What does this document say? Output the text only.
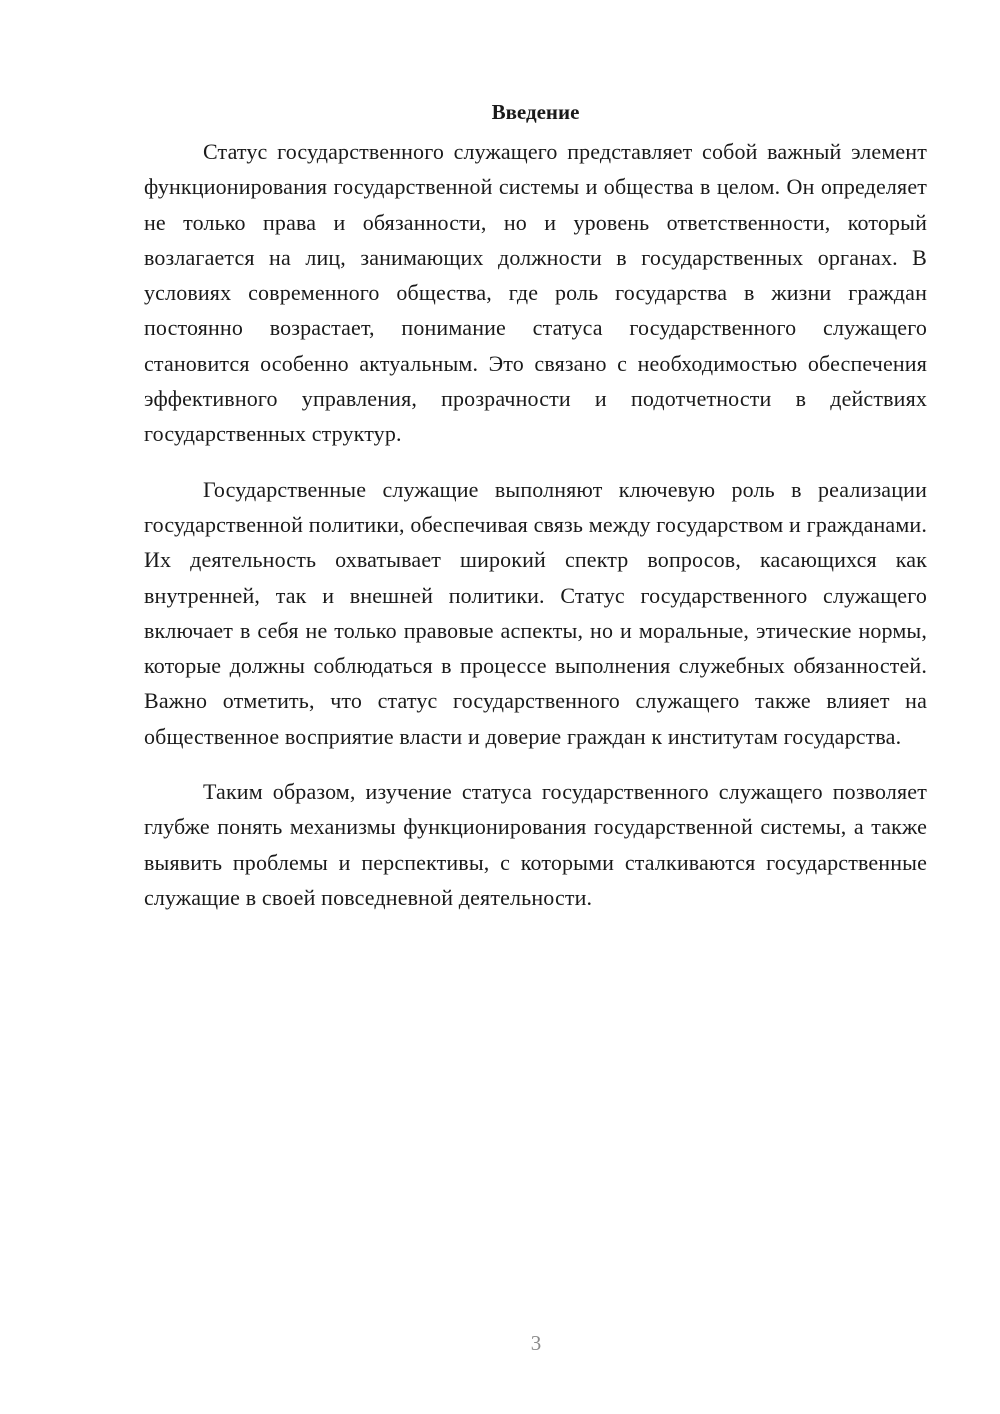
Введение

Статус государственного служащего представляет собой важный элемент функционирования государственной системы и общества в целом. Он определяет не только права и обязанности, но и уровень ответственности, который возлагается на лиц, занимающих должности в государственных органах. В условиях современного общества, где роль государства в жизни граждан постоянно возрастает, понимание статуса государственного служащего становится особенно актуальным. Это связано с необходимостью обеспечения эффективного управления, прозрачности и подотчетности в действиях государственных структур.

Государственные служащие выполняют ключевую роль в реализации государственной политики, обеспечивая связь между государством и гражданами. Их деятельность охватывает широкий спектр вопросов, касающихся как внутренней, так и внешней политики. Статус государственного служащего включает в себя не только правовые аспекты, но и моральные, этические нормы, которые должны соблюдаться в процессе выполнения служебных обязанностей. Важно отметить, что статус государственного служащего также влияет на общественное восприятие власти и доверие граждан к институтам государства.

Таким образом, изучение статуса государственного служащего позволяет глубже понять механизмы функционирования государственной системы, а также выявить проблемы и перспективы, с которыми сталкиваются государственные служащие в своей повседневной деятельности.

3
